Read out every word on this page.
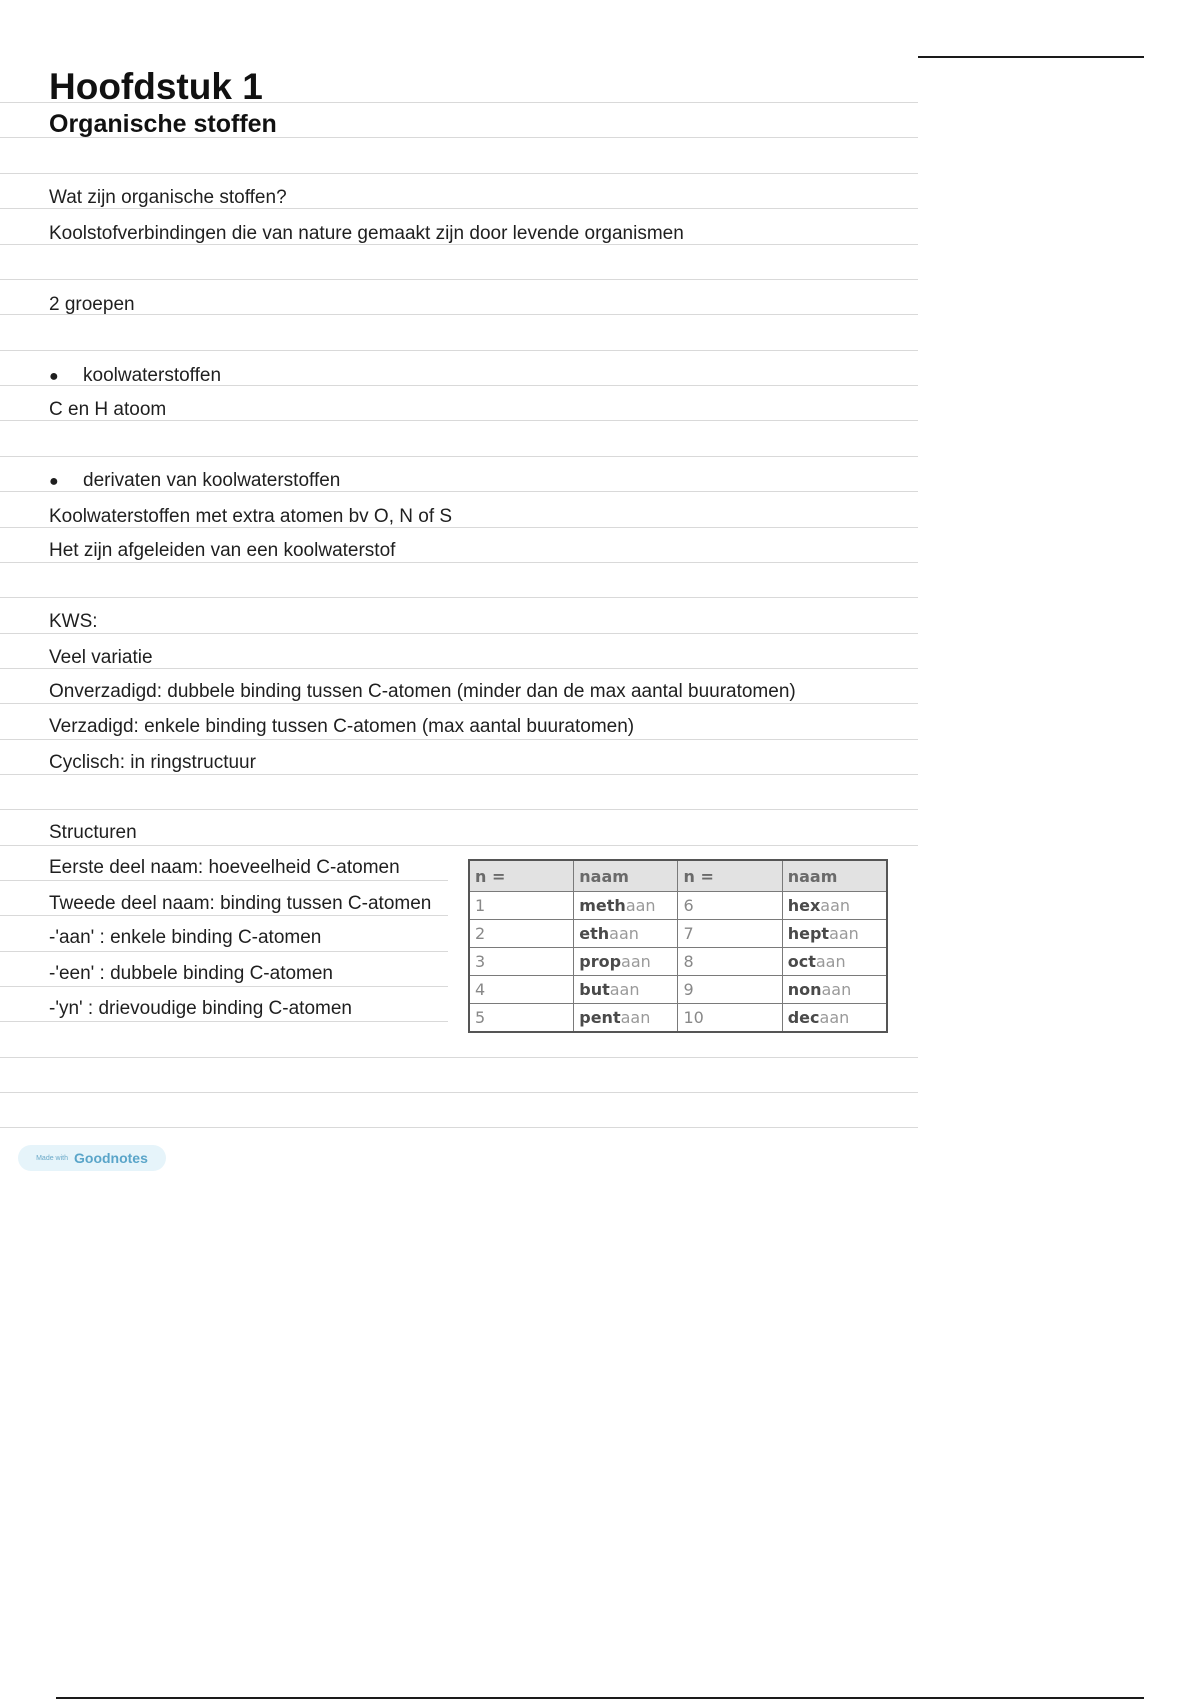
Hoofdstuk 1
Organische stoffen
Wat zijn organische stoffen?
Koolstofverbindingen die van nature gemaakt zijn door levende organismen
2 groepen
● koolwaterstoffen
C en H atoom
● derivaten van koolwaterstoffen
Koolwaterstoffen met extra atomen bv O, N of S
Het zijn afgeleiden van een koolwaterstof
KWS:
Veel variatie
Onverzadigd: dubbele binding tussen C-atomen (minder dan de max aantal buuratomen)
Verzadigd: enkele binding tussen C-atomen (max aantal buuratomen)
Cyclisch: in ringstructuur
Structuren
Eerste deel naam: hoeveelheid C-atomen
Tweede deel naam: binding tussen C-atomen
-'aan' : enkele binding C-atomen
-'een' : dubbele binding C-atomen
-'yn' : drievoudige binding C-atomen
n =	naam	n =	naam
1	methaan	6	hexaan
2	ethaan	7	heptaan
3	propaan	8	octaan
4	butaan	9	nonaan
5	pentaan	10	decaan
Made with Goodnotes
